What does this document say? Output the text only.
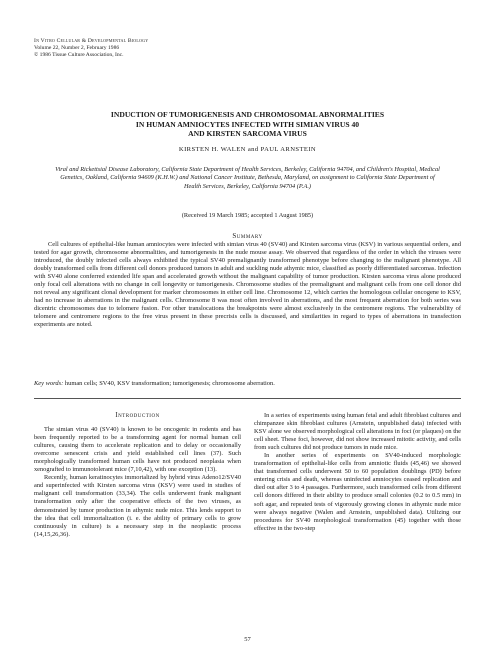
In Vitro Cellular & Developmental Biology
Volume 22, Number 2, February 1986
© 1986 Tissue Culture Association, Inc.
INDUCTION OF TUMORIGENESIS AND CHROMOSOMAL ABNORMALITIES
IN HUMAN AMNIOCYTES INFECTED WITH SIMIAN VIRUS 40
AND KIRSTEN SARCOMA VIRUS
KIRSTEN H. WALEN and PAUL ARNSTEIN
Viral and Rickettsial Disease Laboratory, California State Department of Health Services, Berkeley, California 94704, and Children's Hospital, Medical Genetics, Oakland, California 94609 (K.H.W.) and National Cancer Institute, Bethesda, Maryland, on assignment to California State Department of Health Services, Berkeley, California 94704 (P.A.)
(Received 19 March 1985; accepted 1 August 1985)
Summary
Cell cultures of epithelial-like human amniocytes were infected with simian virus 40 (SV40) and Kirsten sarcoma virus (KSV) in various sequential orders, and tested for agar growth, chromosome abnormalities, and tumorigenesis in the nude mouse assay. We observed that regardless of the order in which the viruses were introduced, the doubly infected cells always exhibited the typical SV40 premalignantly transformed phenotype before changing to the malignant phenotype. All doubly transformed cells from different cell donors produced tumors in adult and suckling nude athymic mice, classified as poorly differentiated sarcomas. Infection with SV40 alone conferred extended life span and accelerated growth without the malignant capability of tumor production. Kirsten sarcoma virus alone produced only focal cell alterations with no change in cell longevity or tumorigenesis. Chromosome studies of the premalignant and malignant cells from one cell donor did not reveal any significant clonal development for marker chromosomes in either cell line. Chromosome 12, which carries the homologous cellular oncogene to KSV, had no increase in aberrations in the malignant cells. Chromosome 8 was most often involved in aberrations, and the most frequent aberration for both series was dicentric chromosomes due to telomere fusion. For other translocations the breakpoints were almost exclusively in the centromere regions. The vulnerability of telomere and centromere regions to the free virus present in these precrisis cells is discussed, and similarities in regard to types of aberrations in transfection experiments are noted.
Key words: human cells; SV40, KSV transformation; tumorigenesis; chromosome aberration.
Introduction

The simian virus 40 (SV40) is known to be oncogenic in rodents and has been frequently reported to be a transforming agent for normal human cell cultures, causing them to accelerate replication and to delay or occasionally overcome senescent crisis and yield established cell lines (37). Such morphologically transformed human cells have not produced neoplasia when xenografted to immunotolerant mice (7,10,42), with one exception (13).

Recently, human keratinocytes immortalized by hybrid virus Adeno12/SV40 and superinfected with Kirsten sarcoma virus (KSV) were used in studies of malignant cell transformation (33,34). The cells underwent frank malignant transformation only after the cooperative effects of the two viruses, as demonstrated by tumor production in athymic nude mice. This lends support to the idea that cell immortalization (i. e. the ability of primary cells to grow continuously in culture) is a necessary step in the neoplastic process (14,15,26,36).

In a series of experiments using human fetal and adult fibroblast cultures and chimpanzee skin fibroblast cultures (Arnstein, unpublished data) infected with KSV alone we observed morphological cell alterations in foci (or plaques) on the cell sheet. These foci, however, did not show increased mitotic activity, and cells from such cultures did not produce tumors in nude mice.

In another series of experiments on SV40-induced morphologic transformation of epithelial-like cells from amniotic fluids (45,46) we showed that transformed cells underwent 50 to 60 population doublings (PD) before entering crisis and death, whereas uninfected amniocytes ceased replication and died out after 3 to 4 passages. Furthermore, such transformed cells from different cell donors differed in their ability to produce small colonies (0.2 to 0.5 mm) in soft agar, and repeated tests of vigorously growing clones in athymic nude mice were always negative (Walen and Arnstein, unpublished data). Utilizing our procedures for SV40 morphological transformation (45) together with those effective in the two-step

57
